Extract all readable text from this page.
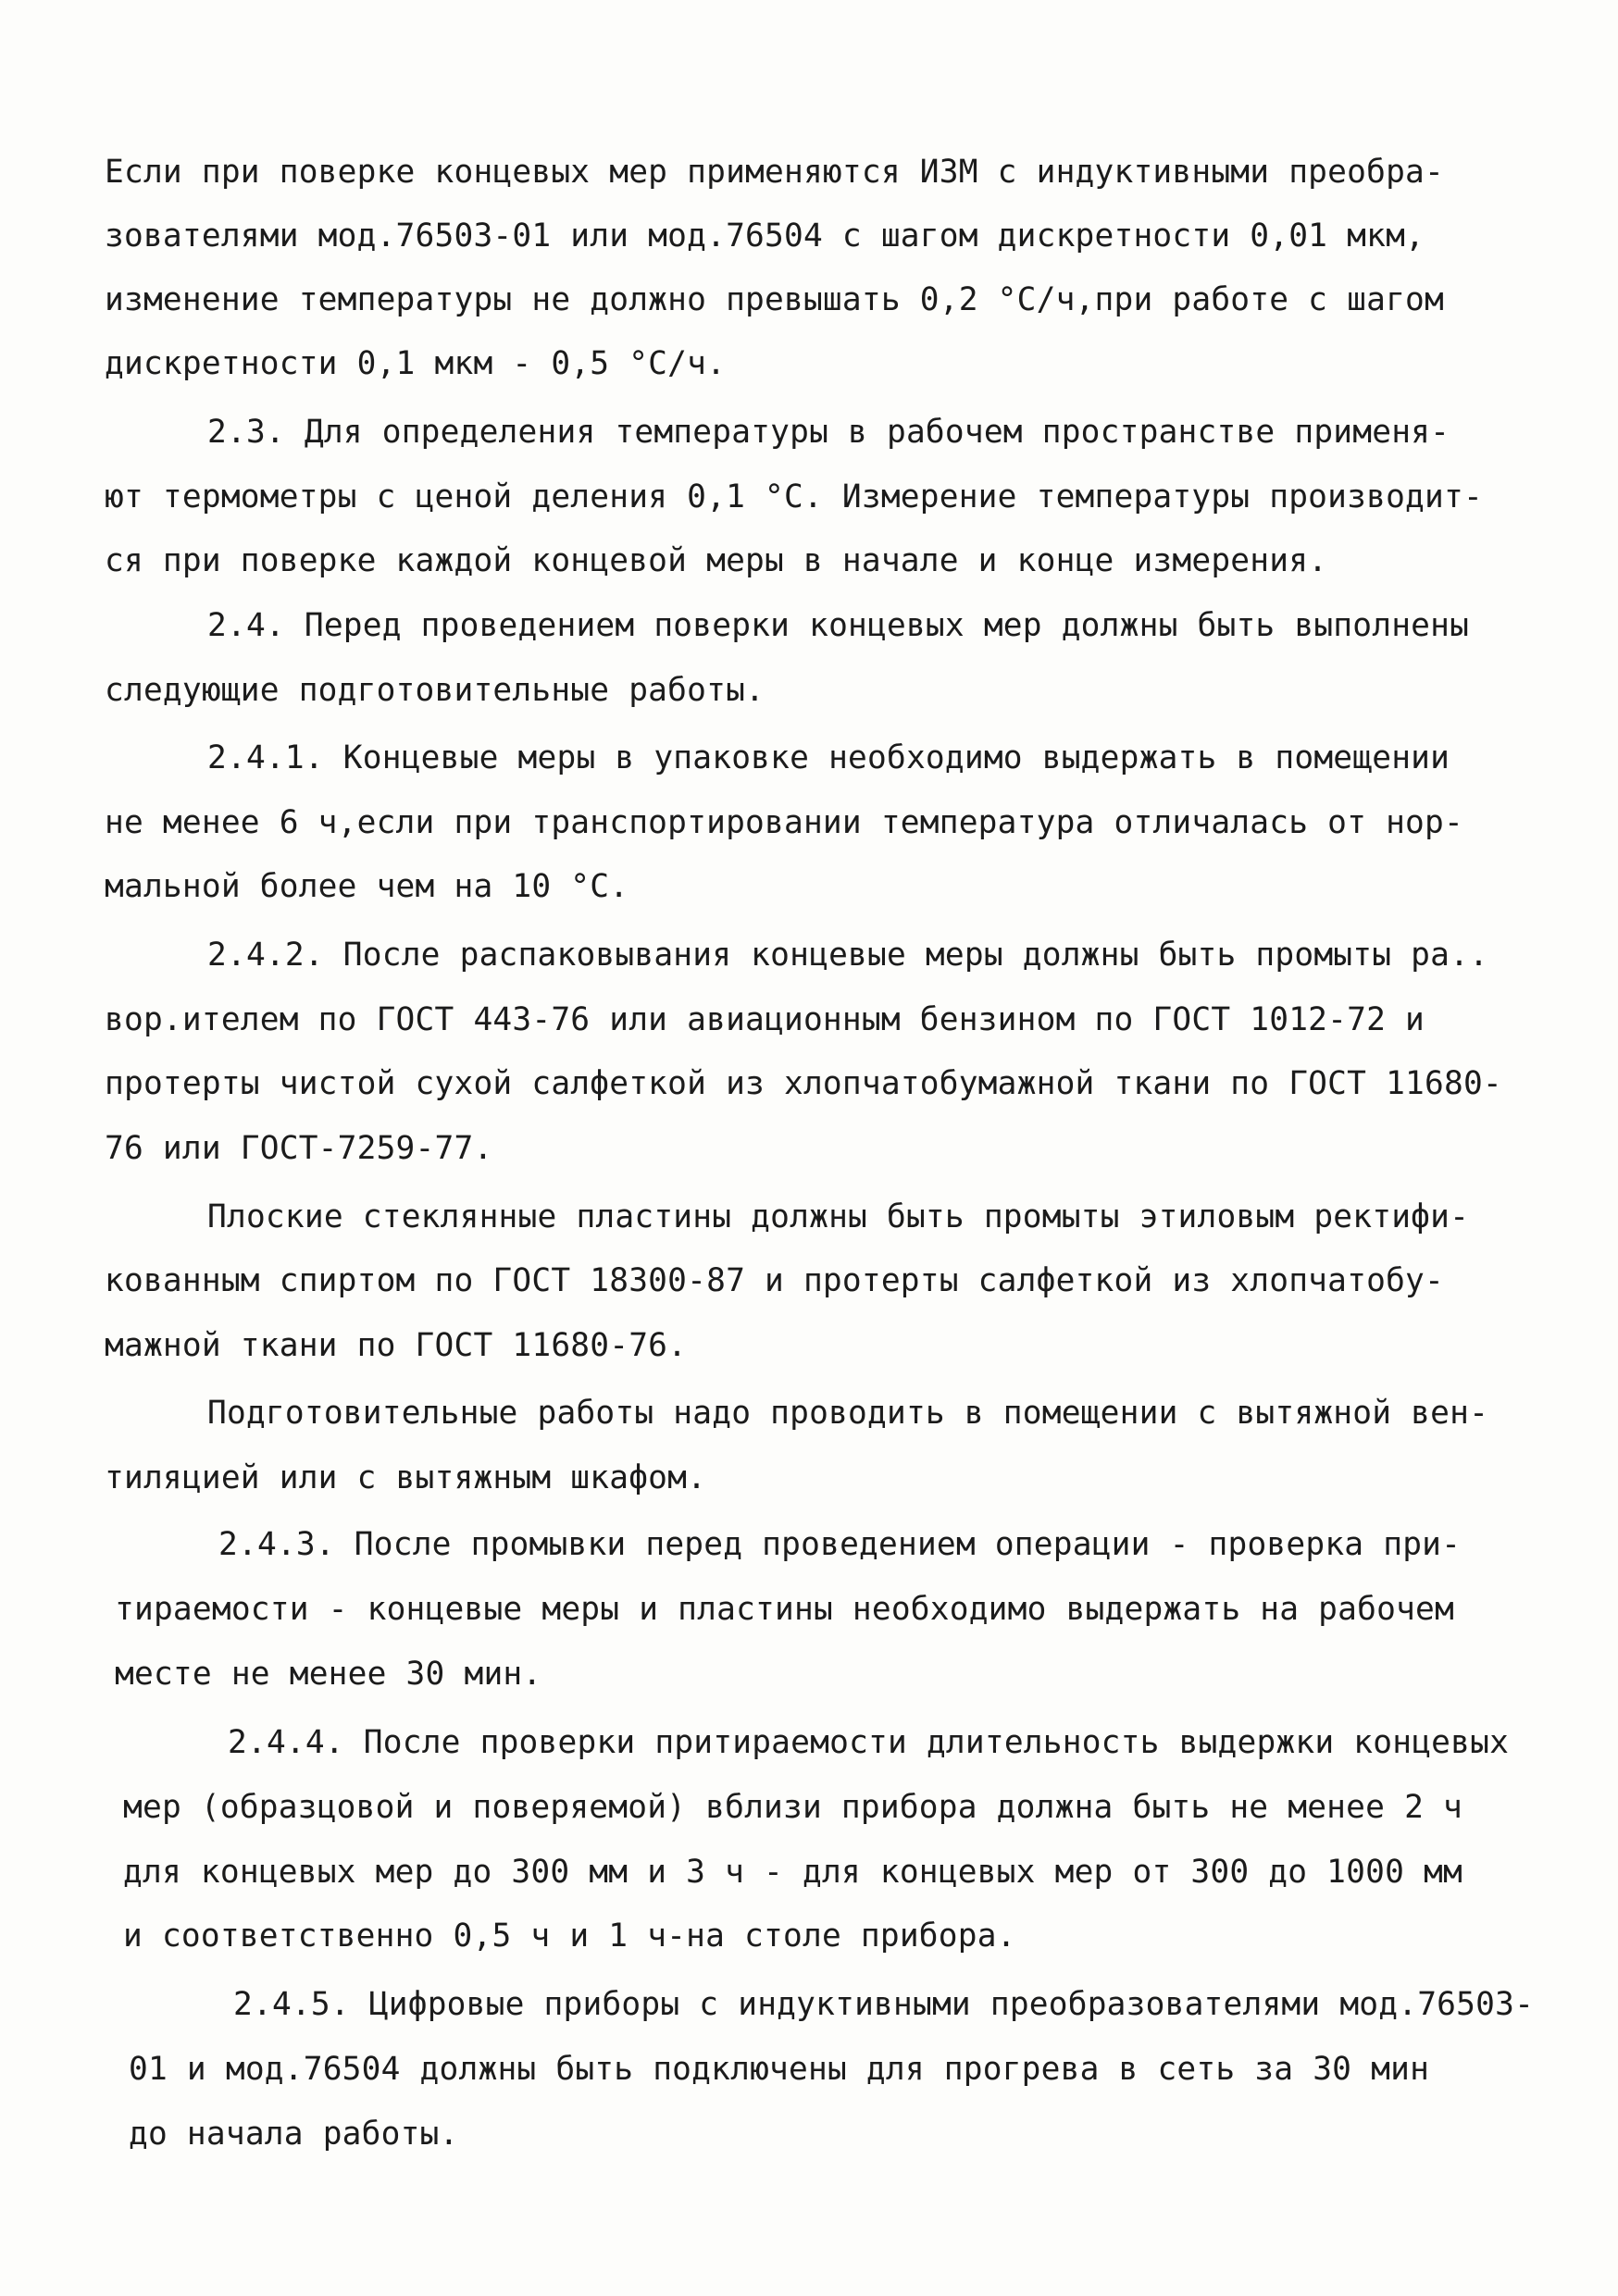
Если при поверке концевых мер применяются ИЗМ с индуктивными преобра-
зователями мод.76503-01 или мод.76504 с шагом дискретности 0,01 мкм,
изменение температуры не должно превышать 0,2 °С/ч,при работе с шагом
дискретности 0,1 мкм - 0,5 °С/ч.
2.3. Для определения температуры в рабочем пространстве применя-
ют термометры с ценой деления 0,1 °С. Измерение температуры производит-
ся при поверке каждой концевой меры в начале и конце измерения.
2.4. Перед проведением поверки концевых мер должны быть выполнены
следующие подготовительные работы.
2.4.1. Концевые меры в упаковке необходимо выдержать в помещении
не менее 6 ч,если при транспортировании температура отличалась от нор-
мальной более чем на 10 °С.
2.4.2. После распаковывания концевые меры должны быть промыты ра..
вор.ителем по ГОСТ 443-76 или авиационным бензином по ГОСТ 1012-72 и
протерты чистой сухой салфеткой из хлопчатобумажной ткани по ГОСТ 11680-
76 или ГОСТ-7259-77.
Плоские стеклянные пластины должны быть промыты этиловым ректифи-
кованным спиртом по ГОСТ 18300-87 и протерты салфеткой из хлопчатобу-
мажной ткани по ГОСТ 11680-76.
Подготовительные работы надо проводить в помещении с вытяжной вен-
тиляцией или с вытяжным шкафом.
2.4.3. После промывки перед проведением операции - проверка при-
тираемости - концевые меры и пластины необходимо выдержать на рабочем
месте не менее 30 мин.
2.4.4. После проверки притираемости длительность выдержки концевых
мер (образцовой и поверяемой) вблизи прибора должна быть не менее 2 ч
для концевых мер до 300 мм и 3 ч - для концевых мер от 300 до 1000 мм
и соответственно 0,5 ч и 1 ч-на столе прибора.
2.4.5. Цифровые приборы с индуктивными преобразователями мод.76503-
01 и мод.76504 должны быть подключены для прогрева в сеть за 30 мин
до начала работы.
